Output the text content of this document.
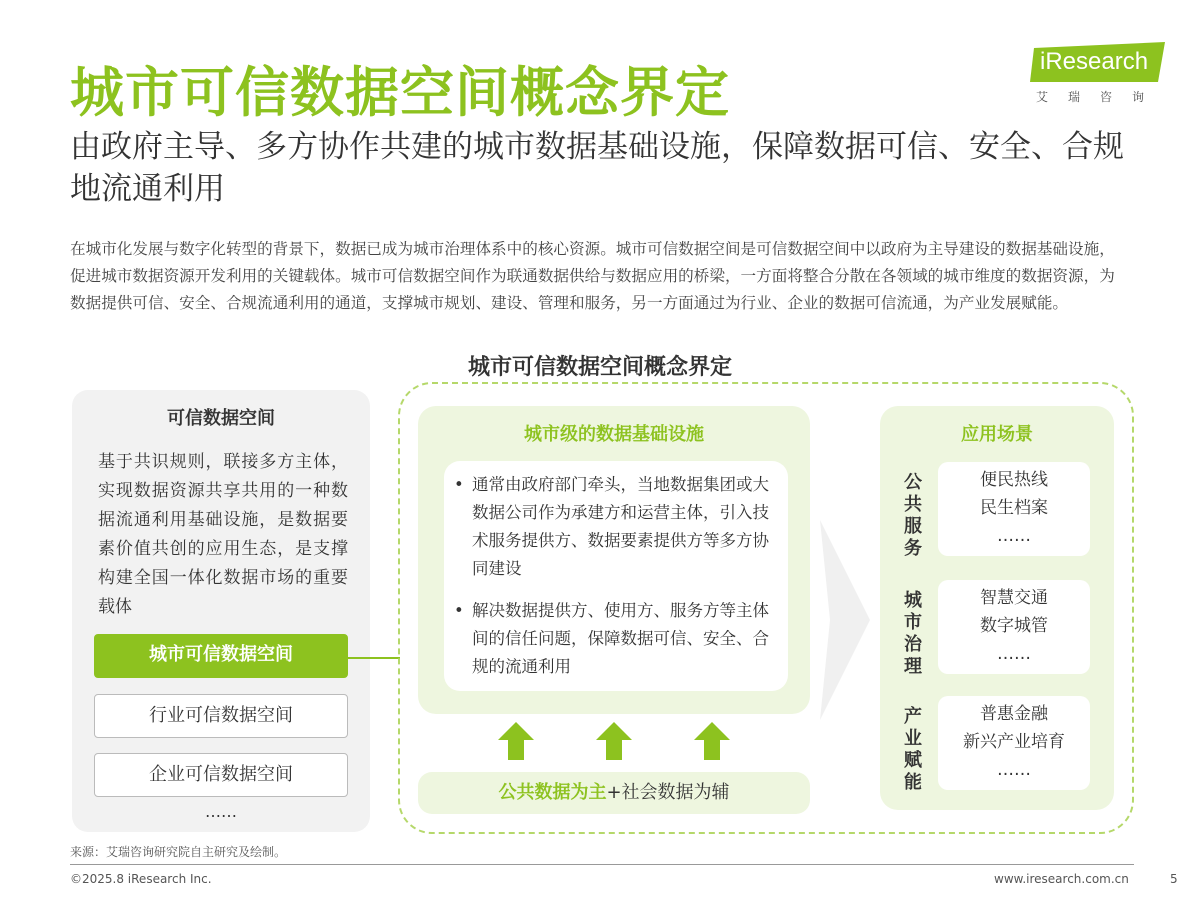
城市可信数据空间概念界定	iResearch
艾瑞咨询
由政府主导、多方协作共建的城市数据基础设施，保障数据可信、安全、合规地流通利用
在城市化发展与数字化转型的背景下，数据已成为城市治理体系中的核心资源。城市可信数据空间是可信数据空间中以政府为主导建设的数据基础设施，促进城市数据资源开发利用的关键载体。城市可信数据空间作为联通数据供给与数据应用的桥梁，一方面将整合分散在各领域的城市维度的数据资源，为数据提供可信、安全、合规流通利用的通道，支撑城市规划、建设、管理和服务，另一方面通过为行业、企业的数据可信流通，为产业发展赋能。
城市可信数据空间概念界定
可信数据空间
基于共识规则，联接多方主体，实现数据资源共享共用的一种数据流通利用基础设施，是数据要素价值共创的应用生态，是支撑构建全国一体化数据市场的重要载体
城市可信数据空间
行业可信数据空间
企业可信数据空间
……
城市级的数据基础设施
• 通常由政府部门牵头，当地数据集团或大数据公司作为承建方和运营主体，引入技术服务提供方、数据要素提供方等多方协同建设
• 解决数据提供方、使用方、服务方等主体间的信任问题，保障数据可信、安全、合规的流通利用
公共数据为主+社会数据为辅
应用场景
公共服务
便民热线
民生档案
……
城市治理
智慧交通
数字城管
……
产业赋能
普惠金融
新兴产业培育
……
来源：艾瑞咨询研究院自主研究及绘制。
©2025.8 iResearch Inc.	www.iresearch.com.cn	5
